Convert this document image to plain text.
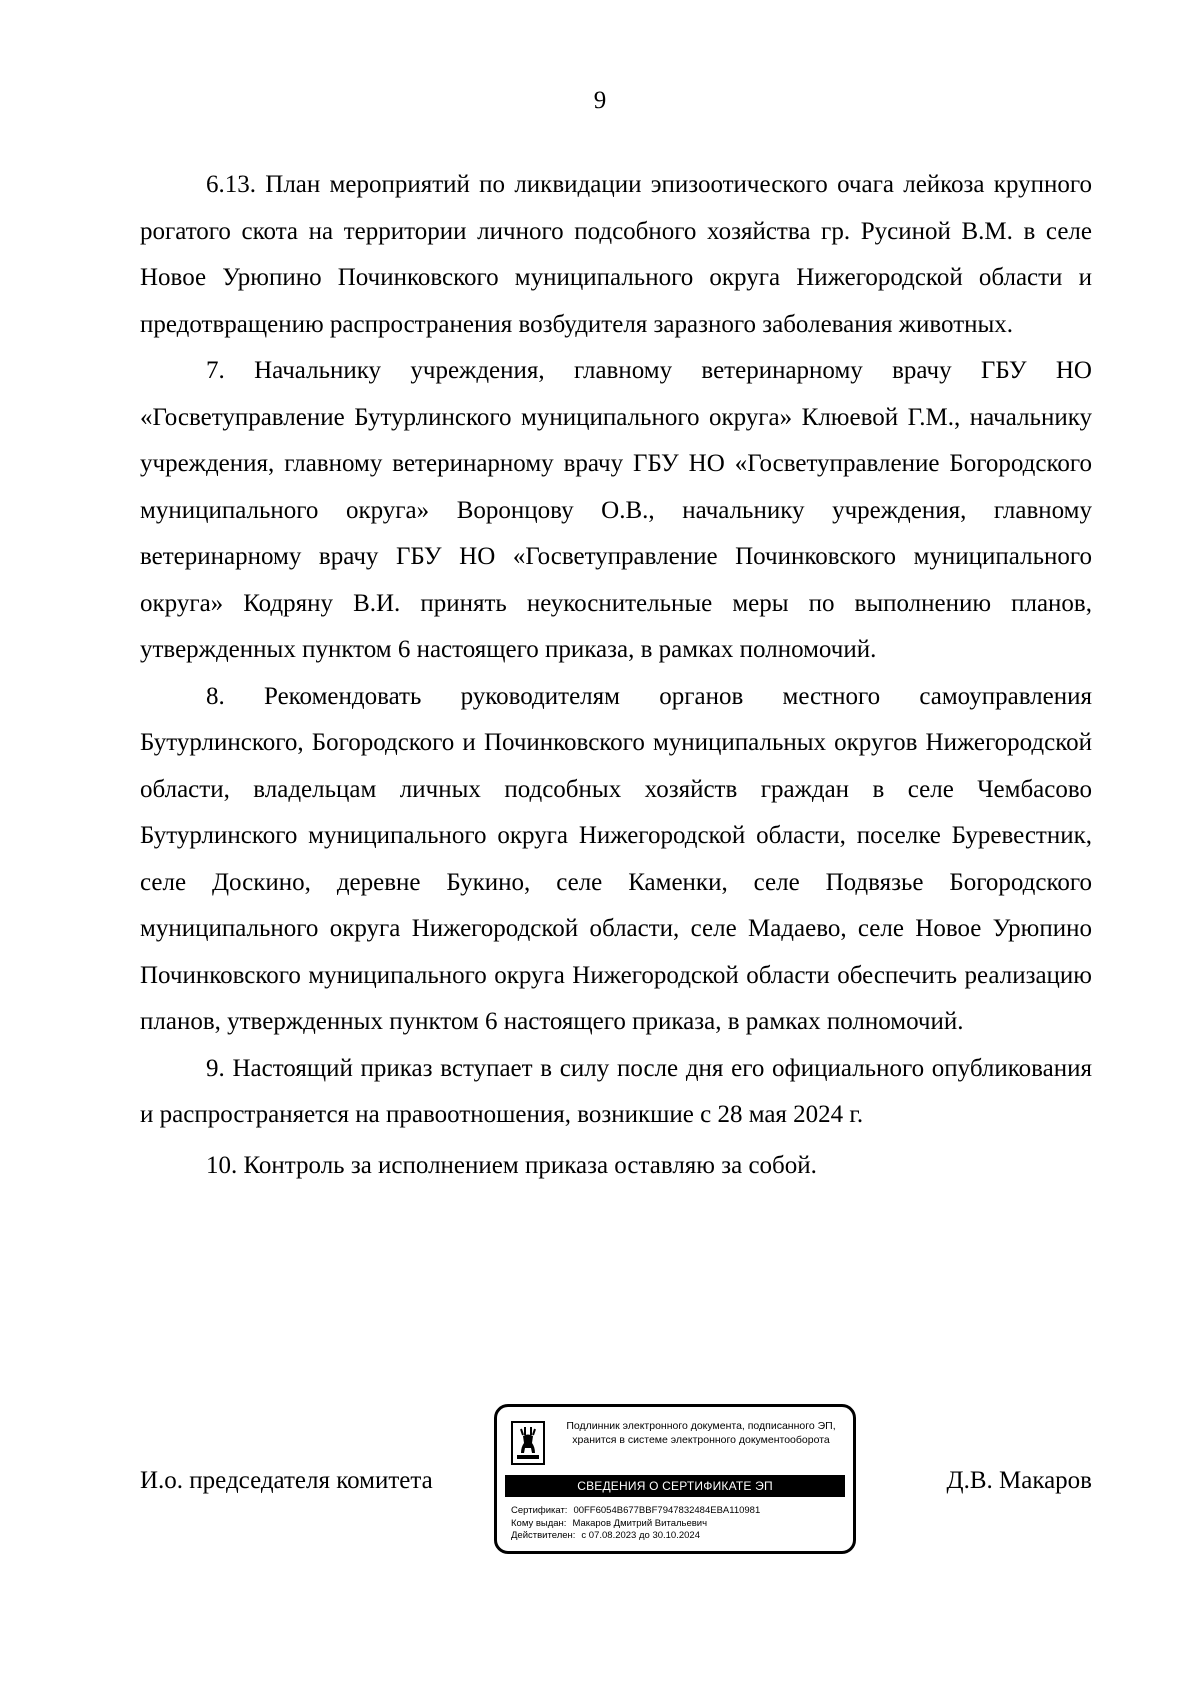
9

6.13. План мероприятий по ликвидации эпизоотического очага лейкоза крупного рогатого скота на территории личного подсобного хозяйства гр. Русиной В.М. в селе Новое Урюпино Починковского муниципального округа Нижегородской области и предотвращению распространения возбудителя заразного заболевания животных.

7. Начальнику учреждения, главному ветеринарному врачу ГБУ НО «Госветуправление Бутурлинского муниципального округа» Клюевой Г.М., начальнику учреждения, главному ветеринарному врачу ГБУ НО «Госветуправление Богородского муниципального округа» Воронцову О.В., начальнику учреждения, главному ветеринарному врачу ГБУ НО «Госветуправление Починковского муниципального округа» Кодряну В.И. принять неукоснительные меры по выполнению планов, утвержденных пунктом 6 настоящего приказа, в рамках полномочий.

8. Рекомендовать руководителям органов местного самоуправления Бутурлинского, Богородского и Починковского муниципальных округов Нижегородской области, владельцам личных подсобных хозяйств граждан в селе Чембасово Бутурлинского муниципального округа Нижегородской области, поселке Буревестник, селе Доскино, деревне Букино, селе Каменки, селе Подвязье Богородского муниципального округа Нижегородской области, селе Мадаево, селе Новое Урюпино Починковского муниципального округа Нижегородской области обеспечить реализацию планов, утвержденных пунктом 6 настоящего приказа, в рамках полномочий.

9. Настоящий приказ вступает в силу после дня его официального опубликования и распространяется на правоотношения, возникшие с 28 мая 2024 г.

10. Контроль за исполнением приказа оставляю за собой.

И.о. председателя комитета
Подлинник электронного документа, подписанного ЭП, хранится в системе электронного документооборота
СВЕДЕНИЯ О СЕРТИФИКАТЕ ЭП
Сертификат: 00FF6054B677BBF7947832484EBA110981
Кому выдан: Макаров Дмитрий Витальевич
Действителен: с 07.08.2023 до 30.10.2024
Д.В. Макаров
